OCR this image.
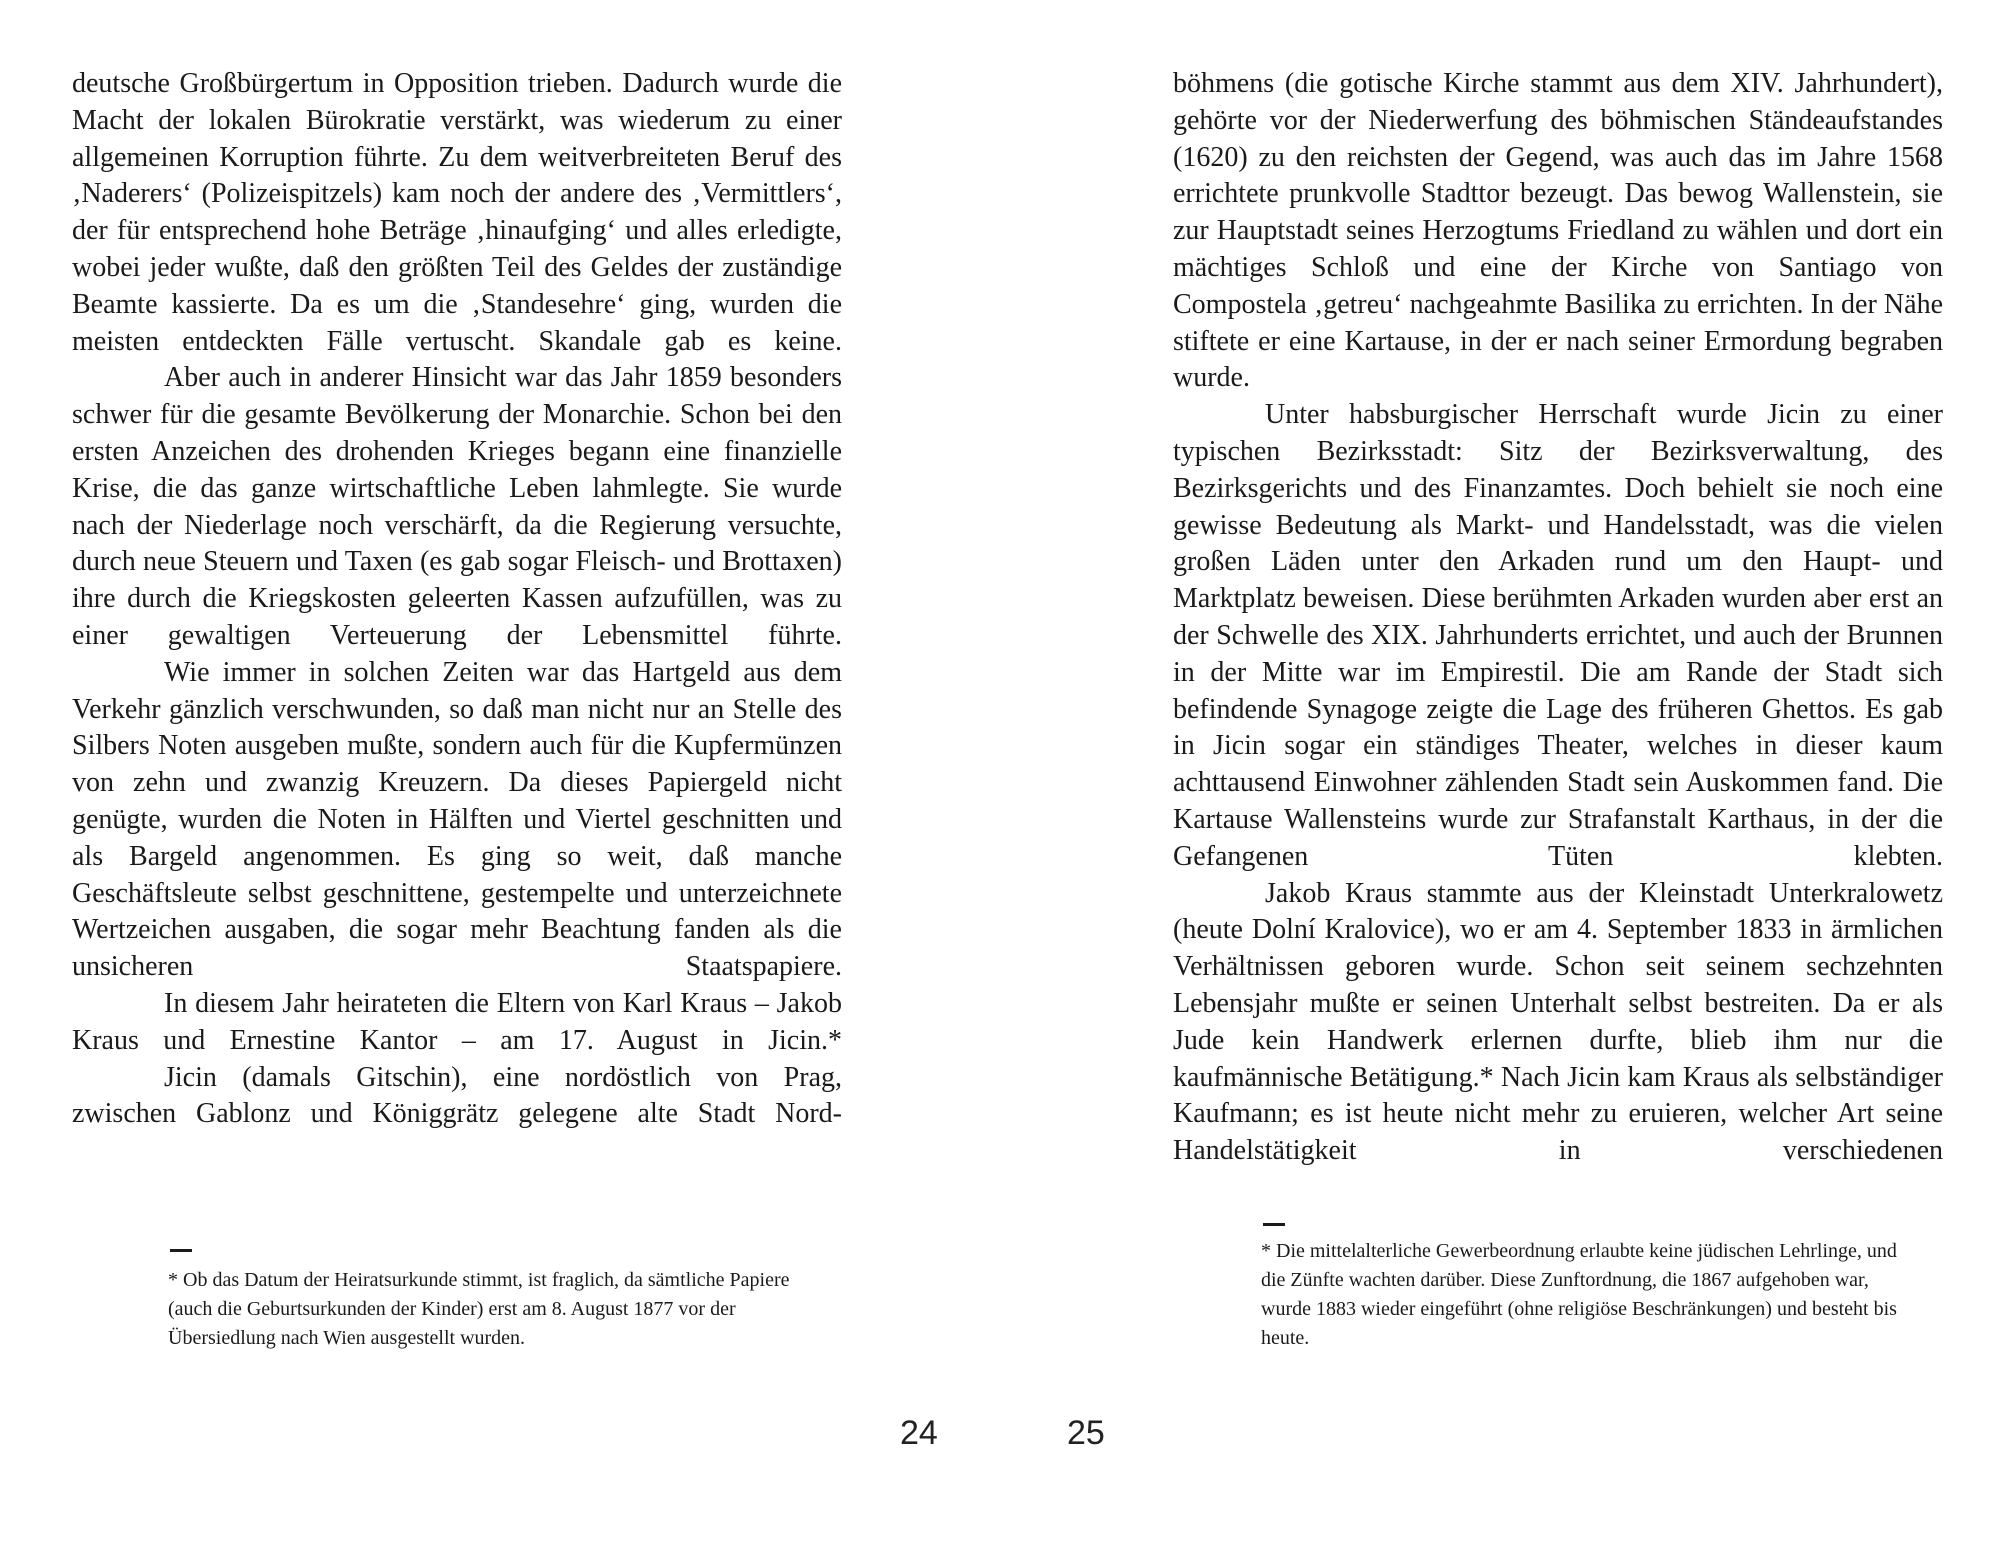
deutsche Großbürgertum in Opposition trieben. Dadurch wurde die Macht der lokalen Bürokratie verstärkt, was wiederum zu einer allgemeinen Korruption führte. Zu dem weitverbreiteten Beruf des ‚Naderers‘ (Polizeispitzels) kam noch der andere des ‚Vermittlers‘, der für entsprechend hohe Beträge ‚hinaufging‘ und alles erledigte, wobei jeder wußte, daß den größten Teil des Geldes der zuständige Beamte kassierte. Da es um die ‚Standesehre‘ ging, wurden die meisten entdeckten Fälle vertuscht. Skandale gab es keine.

Aber auch in anderer Hinsicht war das Jahr 1859 besonders schwer für die gesamte Bevölkerung der Monarchie. Schon bei den ersten Anzeichen des drohenden Krieges begann eine finanzielle Krise, die das ganze wirtschaftliche Leben lahmlegte. Sie wurde nach der Niederlage noch verschärft, da die Regierung versuchte, durch neue Steuern und Taxen (es gab sogar Fleisch- und Brottaxen) ihre durch die Kriegskosten geleerten Kassen aufzufüllen, was zu einer gewaltigen Verteuerung der Lebensmittel führte.

Wie immer in solchen Zeiten war das Hartgeld aus dem Verkehr gänzlich verschwunden, so daß man nicht nur an Stelle des Silbers Noten ausgeben mußte, sondern auch für die Kupfermünzen von zehn und zwanzig Kreuzern. Da dieses Papiergeld nicht genügte, wurden die Noten in Hälften und Viertel geschnitten und als Bargeld angenommen. Es ging so weit, daß manche Geschäftsleute selbst geschnittene, gestempelte und unterzeichnete Wertzeichen ausgaben, die sogar mehr Beachtung fanden als die unsicheren Staatspapiere.

In diesem Jahr heirateten die Eltern von Karl Kraus – Jakob Kraus und Ernestine Kantor – am 17. August in Jicin.*

Jicin (damals Gitschin), eine nordöstlich von Prag, zwischen Gablonz und Königgrätz gelegene alte Stadt Nord-

* Ob das Datum der Heiratsurkunde stimmt, ist fraglich, da sämtliche Papiere (auch die Geburtsurkunden der Kinder) erst am 8. August 1877 vor der Übersiedlung nach Wien ausgestellt wurden.

böhmens (die gotische Kirche stammt aus dem XIV. Jahrhundert), gehörte vor der Niederwerfung des böhmischen Ständeaufstandes (1620) zu den reichsten der Gegend, was auch das im Jahre 1568 errichtete prunkvolle Stadttor bezeugt. Das bewog Wallenstein, sie zur Hauptstadt seines Herzogtums Friedland zu wählen und dort ein mächtiges Schloß und eine der Kirche von Santiago von Compostela ‚getreu‘ nachgeahmte Basilika zu errichten. In der Nähe stiftete er eine Kartause, in der er nach seiner Ermordung begraben wurde.

Unter habsburgischer Herrschaft wurde Jicin zu einer typischen Bezirksstadt: Sitz der Bezirksverwaltung, des Bezirksgerichts und des Finanzamtes. Doch behielt sie noch eine gewisse Bedeutung als Markt- und Handelsstadt, was die vielen großen Läden unter den Arkaden rund um den Haupt- und Marktplatz beweisen. Diese berühmten Arkaden wurden aber erst an der Schwelle des XIX. Jahrhunderts errichtet, und auch der Brunnen in der Mitte war im Empirestil. Die am Rande der Stadt sich befindende Synagoge zeigte die Lage des früheren Ghettos. Es gab in Jicin sogar ein ständiges Theater, welches in dieser kaum achttausend Einwohner zählenden Stadt sein Auskommen fand. Die Kartause Wallensteins wurde zur Strafanstalt Karthaus, in der die Gefangenen Tüten klebten.

Jakob Kraus stammte aus der Kleinstadt Unterkralowetz (heute Dolní Kralovice), wo er am 4. September 1833 in ärmlichen Verhältnissen geboren wurde. Schon seit seinem sechzehnten Lebensjahr mußte er seinen Unterhalt selbst bestreiten. Da er als Jude kein Handwerk erlernen durfte, blieb ihm nur die kaufmännische Betätigung.* Nach Jicin kam Kraus als selbständiger Kaufmann; es ist heute nicht mehr zu eruieren, welcher Art seine Handelstätigkeit in verschiedenen

* Die mittelalterliche Gewerbeordnung erlaubte keine jüdischen Lehrlinge, und die Zünfte wachten darüber. Diese Zunftordnung, die 1867 aufgehoben war, wurde 1883 wieder eingeführt (ohne religiöse Beschränkungen) und besteht bis heute.

24	25
